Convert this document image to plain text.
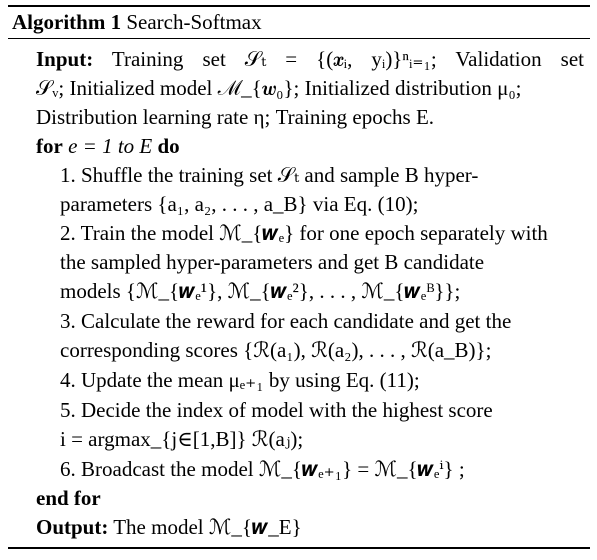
Algorithm 1 Search-Softmax
Input: Training set 𝒮ₜ = {(𝒙ᵢ, yᵢ)}ⁿᵢ₌₁; Validation set
𝒮ᵥ; Initialized model ℳ_{𝒘₀}; Initialized distribution μ₀;
Distribution learning rate η; Training epochs E.
for e = 1 to E do
1. Shuffle the training set 𝒮ₜ and sample B hyper-
parameters {a₁, a₂, . . . , a_B} via Eq. (10);
2. Train the model ℳ_{𝒘ₑ} for one epoch separately with
the sampled hyper-parameters and get B candidate
models {ℳ_{𝒘ₑ¹}, ℳ_{𝒘ₑ²}, . . . , ℳ_{𝒘ₑᴮ}};
3. Calculate the reward for each candidate and get the
corresponding scores {ℛ(a₁), ℛ(a₂), . . . , ℛ(a_B)};
4. Update the mean μₑ₊₁ by using Eq. (11);
5. Decide the index of model with the highest score
i = argmax_{j∈[1,B]} ℛ(aⱼ);
6. Broadcast the model ℳ_{𝒘ₑ₊₁} = ℳ_{𝒘ₑⁱ} ;
end for
Output: The model ℳ_{𝒘_E}
